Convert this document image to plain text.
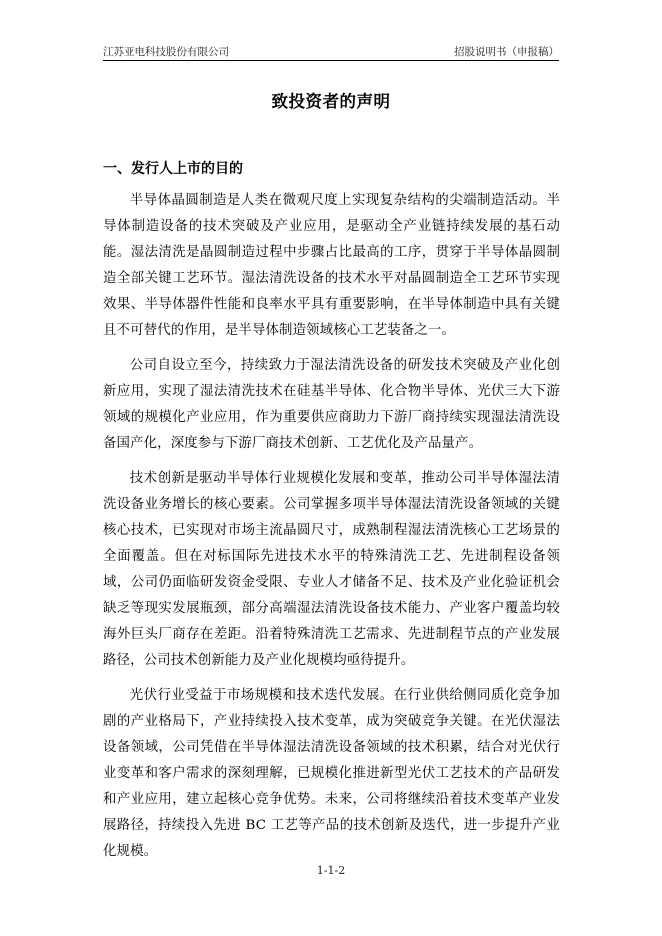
江苏亚电科技股份有限公司	招股说明书（申报稿）
致投资者的声明
一、发行人上市的目的

半导体晶圆制造是人类在微观尺度上实现复杂结构的尖端制造活动。半导体制造设备的技术突破及产业应用，是驱动全产业链持续发展的基石动能。湿法清洗是晶圆制造过程中步骤占比最高的工序，贯穿于半导体晶圆制造全部关键工艺环节。湿法清洗设备的技术水平对晶圆制造全工艺环节实现效果、半导体器件性能和良率水平具有重要影响，在半导体制造中具有关键且不可替代的作用，是半导体制造领域核心工艺装备之一。

公司自设立至今，持续致力于湿法清洗设备的研发技术突破及产业化创新应用，实现了湿法清洗技术在硅基半导体、化合物半导体、光伏三大下游领域的规模化产业应用，作为重要供应商助力下游厂商持续实现湿法清洗设备国产化，深度参与下游厂商技术创新、工艺优化及产品量产。

技术创新是驱动半导体行业规模化发展和变革，推动公司半导体湿法清洗设备业务增长的核心要素。公司掌握多项半导体湿法清洗设备领域的关键核心技术，已实现对市场主流晶圆尺寸，成熟制程湿法清洗核心工艺场景的全面覆盖。但在对标国际先进技术水平的特殊清洗工艺、先进制程设备领域，公司仍面临研发资金受限、专业人才储备不足、技术及产业化验证机会缺乏等现实发展瓶颈，部分高端湿法清洗设备技术能力、产业客户覆盖均较海外巨头厂商存在差距。沿着特殊清洗工艺需求、先进制程节点的产业发展路径，公司技术创新能力及产业化规模均亟待提升。

光伏行业受益于市场规模和技术迭代发展。在行业供给侧同质化竞争加剧的产业格局下，产业持续投入技术变革，成为突破竞争关键。在光伏湿法设备领域，公司凭借在半导体湿法清洗设备领域的技术积累，结合对光伏行业变革和客户需求的深刻理解，已规模化推进新型光伏工艺技术的产品研发和产业应用，建立起核心竞争优势。未来，公司将继续沿着技术变革产业发展路径，持续投入先进 BC 工艺等产品的技术创新及迭代，进一步提升产业化规模。

1-1-2
